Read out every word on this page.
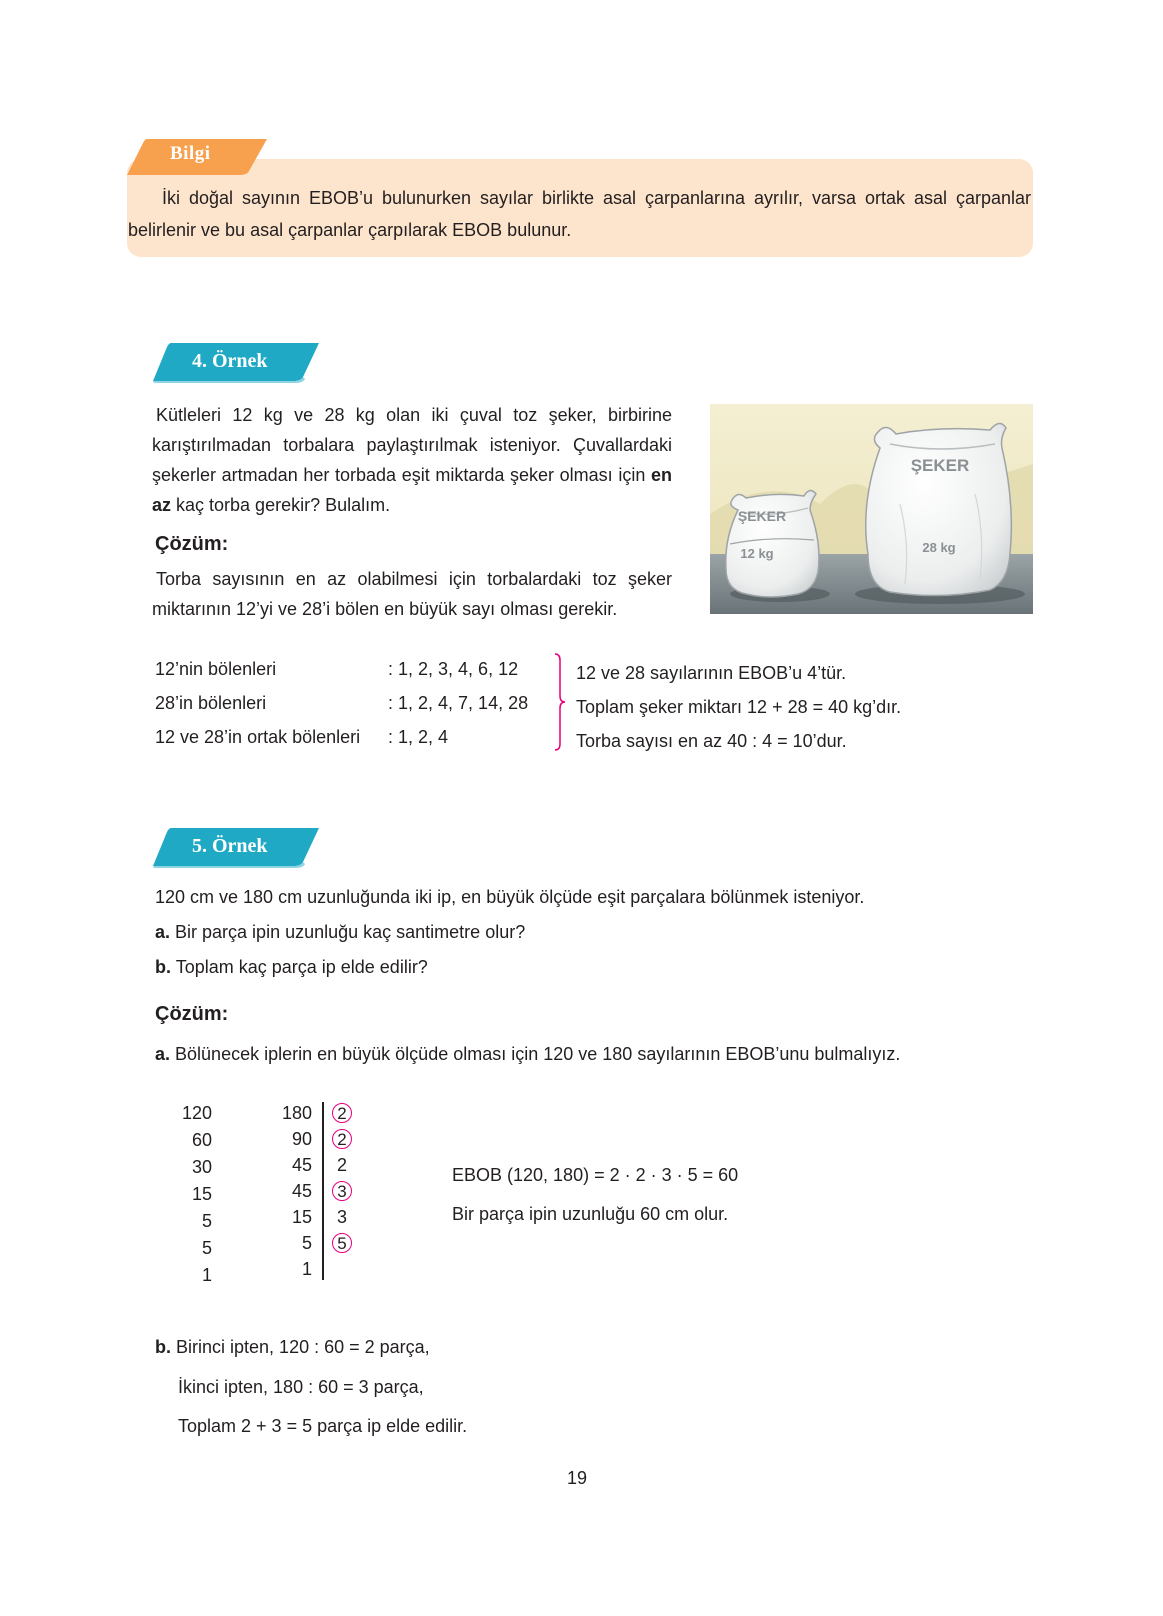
Bilgi
İki doğal sayının EBOB’u bulunurken sayılar birlikte asal çarpanlarına ayrılır, varsa ortak asal çarpanlar belirlenir ve bu asal çarpanlar çarpılarak EBOB bulunur.
4. Örnek
Kütleleri 12 kg ve 28 kg olan iki çuval toz şeker, birbirine karıştırılmadan torbalara paylaştırılmak isteniyor. Çuvallardaki şekerler artmadan her torbada eşit miktarda şeker olması için en az kaç torba gerekir? Bulalım.
Çözüm:
Torba sayısının en az olabilmesi için torbalardaki toz şeker miktarının 12’yi ve 28’i bölen en büyük sayı olması gerekir.
ŞEKER
28 kg
ŞEKER
12 kg
12’nin bölenleri	: 1, 2, 3, 4, 6, 12
28’in bölenleri	: 1, 2, 4, 7, 14, 28
12 ve 28’in ortak bölenleri : 1, 2, 4
12 ve 28 sayılarının EBOB’u 4’tür.
Toplam şeker miktarı 12 + 28 = 40 kg’dır.
Torba sayısı en az 40 : 4 = 10’dur.
5. Örnek
120 cm ve 180 cm uzunluğunda iki ip, en büyük ölçüde eşit parçalara bölünmek isteniyor.
a. Bir parça ipin uzunluğu kaç santimetre olur?
b. Toplam kaç parça ip elde edilir?
Çözüm:
a. Bölünecek iplerin en büyük ölçüde olması için 120 ve 180 sayılarının EBOB’unu bulmalıyız.
120
60
30
15
5
5
1
180
90
45
45
15
5
1
2
2
2
3
3
5
EBOB (120, 180) = 2 · 2 · 3 · 5 = 60
Bir parça ipin uzunluğu 60 cm olur.
b. Birinci ipten, 120 : 60 = 2 parça,
İkinci ipten, 180 : 60 = 3 parça,
Toplam 2 + 3 = 5 parça ip elde edilir.
19
